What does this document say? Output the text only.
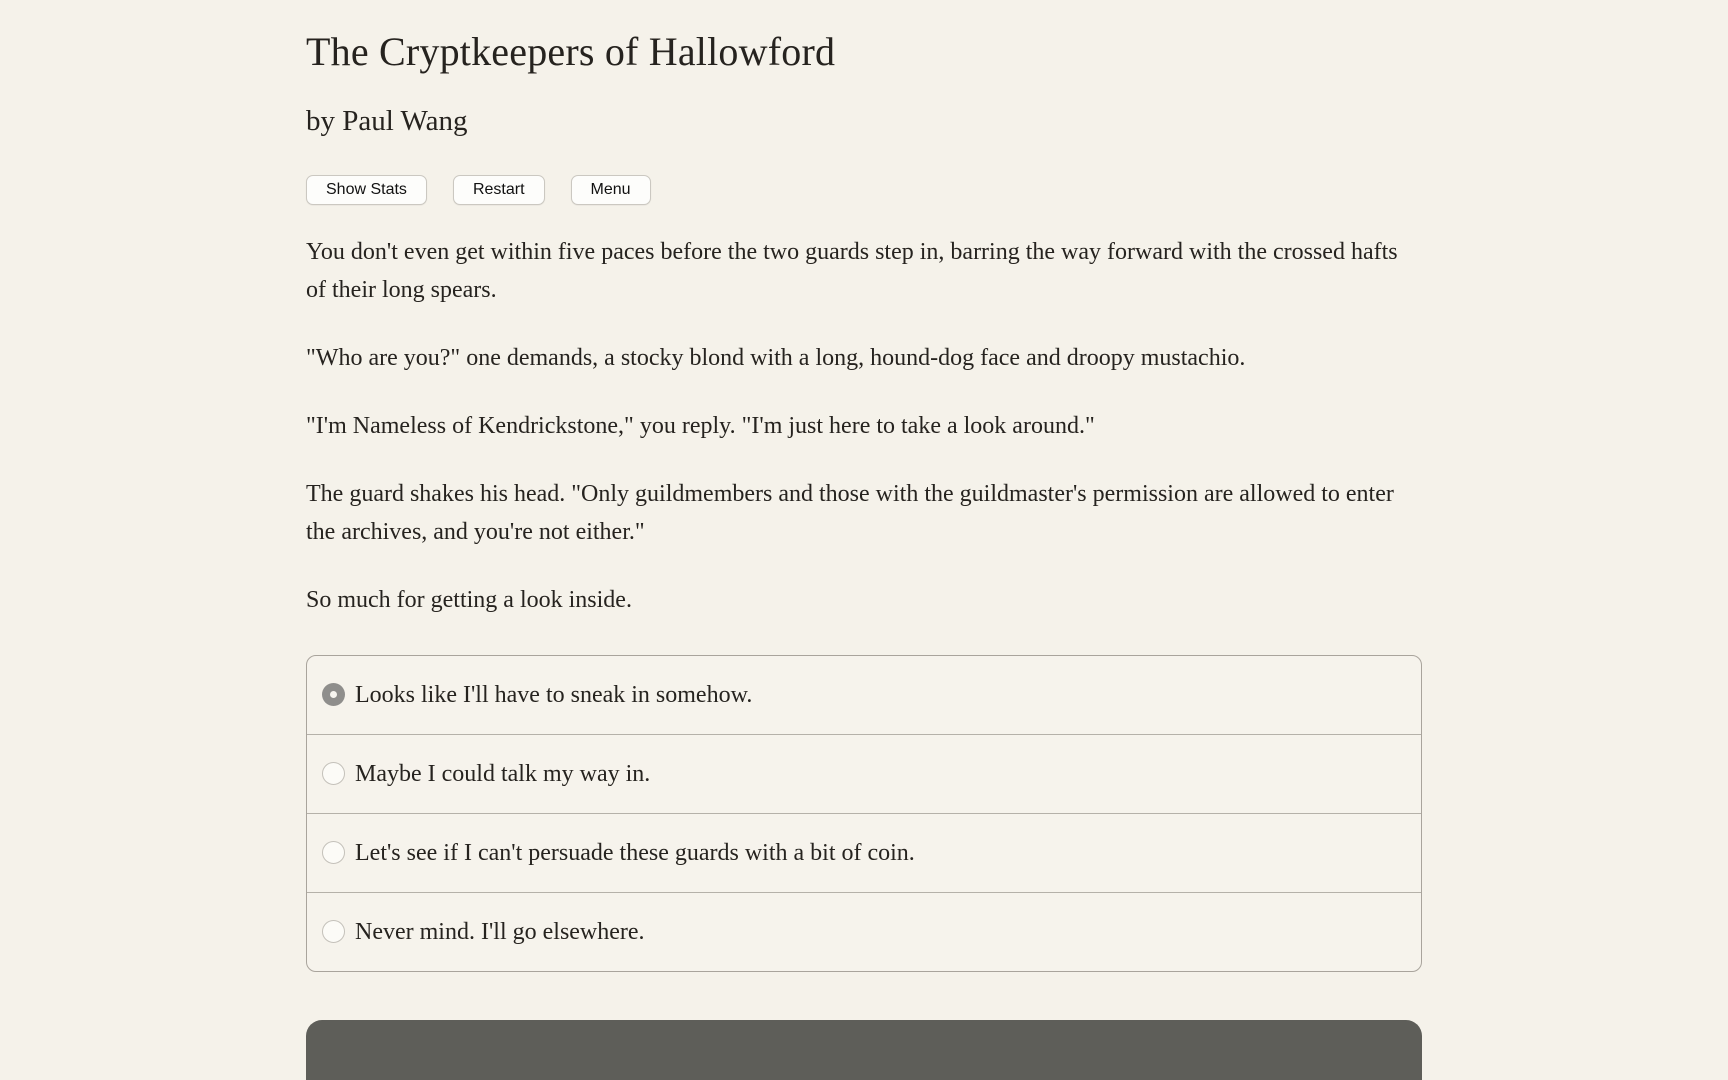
The Cryptkeepers of Hallowford

by Paul Wang

Show Stats	Restart	Menu

You don't even get within five paces before the two guards step in, barring the way forward with the crossed hafts of their long spears.

"Who are you?" one demands, a stocky blond with a long, hound-dog face and droopy mustachio.

"I'm Nameless of Kendrickstone," you reply. "I'm just here to take a look around."

The guard shakes his head. "Only guildmembers and those with the guildmaster's permission are allowed to enter the archives, and you're not either."

So much for getting a look inside.

Looks like I'll have to sneak in somehow.
Maybe I could talk my way in.
Let's see if I can't persuade these guards with a bit of coin.
Never mind. I'll go elsewhere.
